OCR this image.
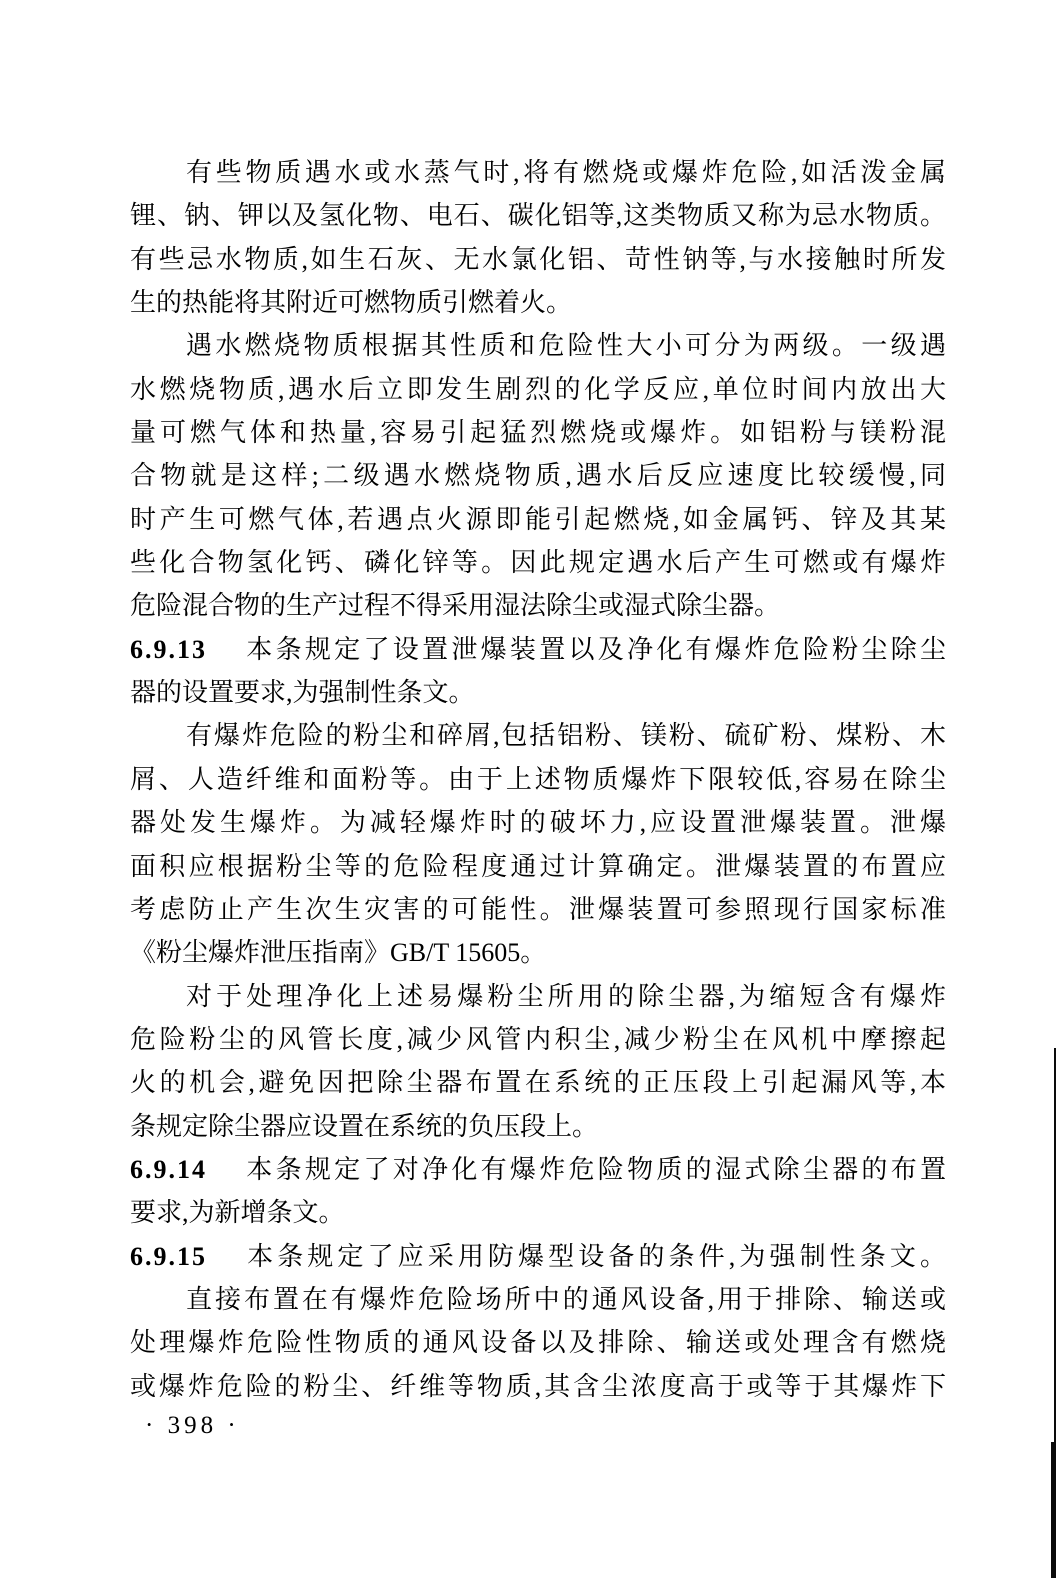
有些物质遇水或水蒸气时,将有燃烧或爆炸危险,如活泼金属
锂、钠、钾以及氢化物、电石、碳化铝等,这类物质又称为忌水物质。
有些忌水物质,如生石灰、无水氯化铝、苛性钠等,与水接触时所发
生的热能将其附近可燃物质引燃着火。
遇水燃烧物质根据其性质和危险性大小可分为两级。一级遇
水燃烧物质,遇水后立即发生剧烈的化学反应,单位时间内放出大
量可燃气体和热量,容易引起猛烈燃烧或爆炸。如铝粉与镁粉混
合物就是这样;二级遇水燃烧物质,遇水后反应速度比较缓慢,同
时产生可燃气体,若遇点火源即能引起燃烧,如金属钙、锌及其某
些化合物氢化钙、磷化锌等。因此规定遇水后产生可燃或有爆炸
危险混合物的生产过程不得采用湿法除尘或湿式除尘器。
6.9.13 本条规定了设置泄爆装置以及净化有爆炸危险粉尘除尘
器的设置要求,为强制性条文。
有爆炸危险的粉尘和碎屑,包括铝粉、镁粉、硫矿粉、煤粉、木
屑、人造纤维和面粉等。由于上述物质爆炸下限较低,容易在除尘
器处发生爆炸。为减轻爆炸时的破坏力,应设置泄爆装置。泄爆
面积应根据粉尘等的危险程度通过计算确定。泄爆装置的布置应
考虑防止产生次生灾害的可能性。泄爆装置可参照现行国家标准
《粉尘爆炸泄压指南》GB/T 15605。
对于处理净化上述易爆粉尘所用的除尘器,为缩短含有爆炸
危险粉尘的风管长度,减少风管内积尘,减少粉尘在风机中摩擦起
火的机会,避免因把除尘器布置在系统的正压段上引起漏风等,本
条规定除尘器应设置在系统的负压段上。
6.9.14 本条规定了对净化有爆炸危险物质的湿式除尘器的布置
要求,为新增条文。
6.9.15 本条规定了应采用防爆型设备的条件,为强制性条文。
直接布置在有爆炸危险场所中的通风设备,用于排除、输送或
处理爆炸危险性物质的通风设备以及排除、输送或处理含有燃烧
或爆炸危险的粉尘、纤维等物质,其含尘浓度高于或等于其爆炸下
· 398 ·
